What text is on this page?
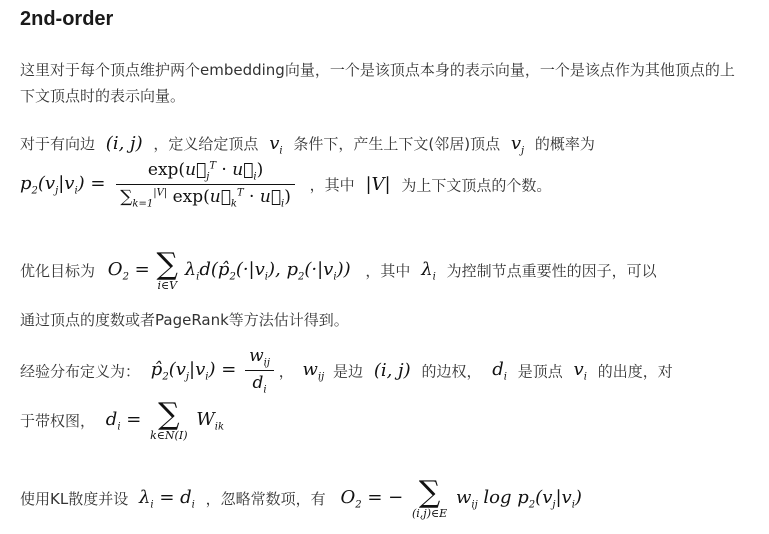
2nd-order
这里对于每个顶点维护两个embedding向量，一个是该顶点本身的表示向量，一个是该点作为其他顶点的上下文顶点时的表示向量。
对于有向边 (i, j) ，定义给定顶点 $v_i$ 条件下，产生上下文(邻居)顶点 $v_j$ 的概率为
$p_2(v_j|v_i) = \frac{\exp(u⃗_j^T \cdot u⃗_i)}{\sum_{k=1}^{|V|} \exp(u⃗_k^T \cdot u⃗_i)}$ ，其中 |V| 为上下文顶点的个数。
优化目标为 $O_2$ = ∑
i∈V
$\lambda_id(p̂_2(\cdot|v_i)$, $p_2(\cdot|v_i)$) ，其中 $\lambda_i$ 为控制节点重要性的因子，可以
通过顶点的度数或者PageRank等方法估计得到。
经验分布定义为： $p̂_2(v_j|v_i) = \frac{w_{ij}}{d_i}$ ， $w_{ij}$ 是边 (i, j) 的边权， $d_i$ 是顶点 $v_i$ 的出度，对
于带权图， $d_i$ = ∑
k∈N(I)
$W_{ik}$
使用KL散度并设 $\lambda_i = d_i$ ，忽略常数项，有 $O_2$ = − ∑
(i,j)∈E
$w_{ij}$ $\log p_2(v_j|v_i)$
